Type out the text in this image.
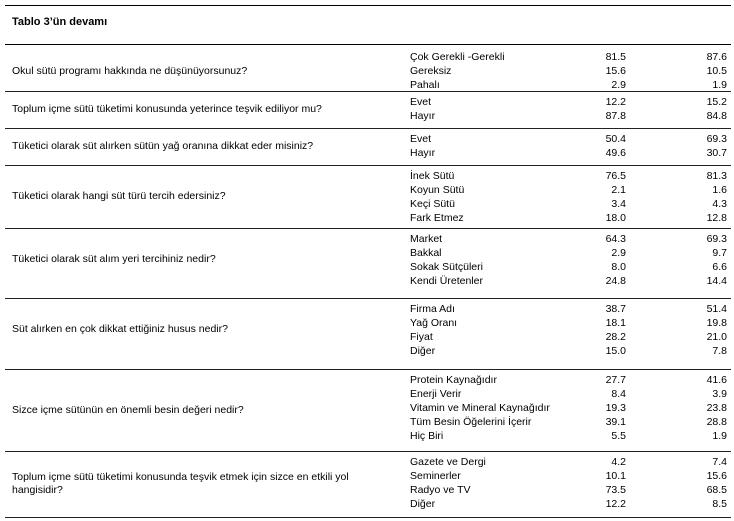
Tablo 3’ün devamı
Okul sütü programı hakkında ne düşünüyorsunuz?
Çok Gerekli -Gerekli	81.5	87.6
Gereksiz	15.6	10.5
Pahalı	2.9	1.9
Toplum içme sütü tüketimi konusunda yeterince teşvik ediliyor mu?
Evet	12.2	15.2
Hayır	87.8	84.8
Tüketici olarak süt alırken sütün yağ oranına dikkat eder misiniz?
Evet	50.4	69.3
Hayır	49.6	30.7
Tüketici olarak hangi süt türü tercih edersiniz?
İnek Sütü	76.5	81.3
Koyun Sütü	2.1	1.6
Keçi Sütü	3.4	4.3
Fark Etmez	18.0	12.8
Tüketici olarak süt alım yeri tercihiniz nedir?
Market	64.3	69.3
Bakkal	2.9	9.7
Sokak Sütçüleri	8.0	6.6
Kendi Üretenler	24.8	14.4
Süt alırken en çok dikkat ettiğiniz husus nedir?
Firma Adı	38.7	51.4
Yağ Oranı	18.1	19.8
Fiyat	28.2	21.0
Diğer	15.0	7.8
Sizce içme sütünün en önemli besin değeri nedir?
Protein Kaynağıdır	27.7	41.6
Enerji Verir	8.4	3.9
Vitamin ve Mineral Kaynağıdır	19.3	23.8
Tüm Besin Öğelerini İçerir	39.1	28.8
Hiç Biri	5.5	1.9
Toplum içme sütü tüketimi konusunda teşvik etmek için sizce en etkili yol hangisidir?
Gazete ve Dergi	4.2	7.4
Seminerler	10.1	15.6
Radyo ve TV	73.5	68.5
Diğer	12.2	8.5
